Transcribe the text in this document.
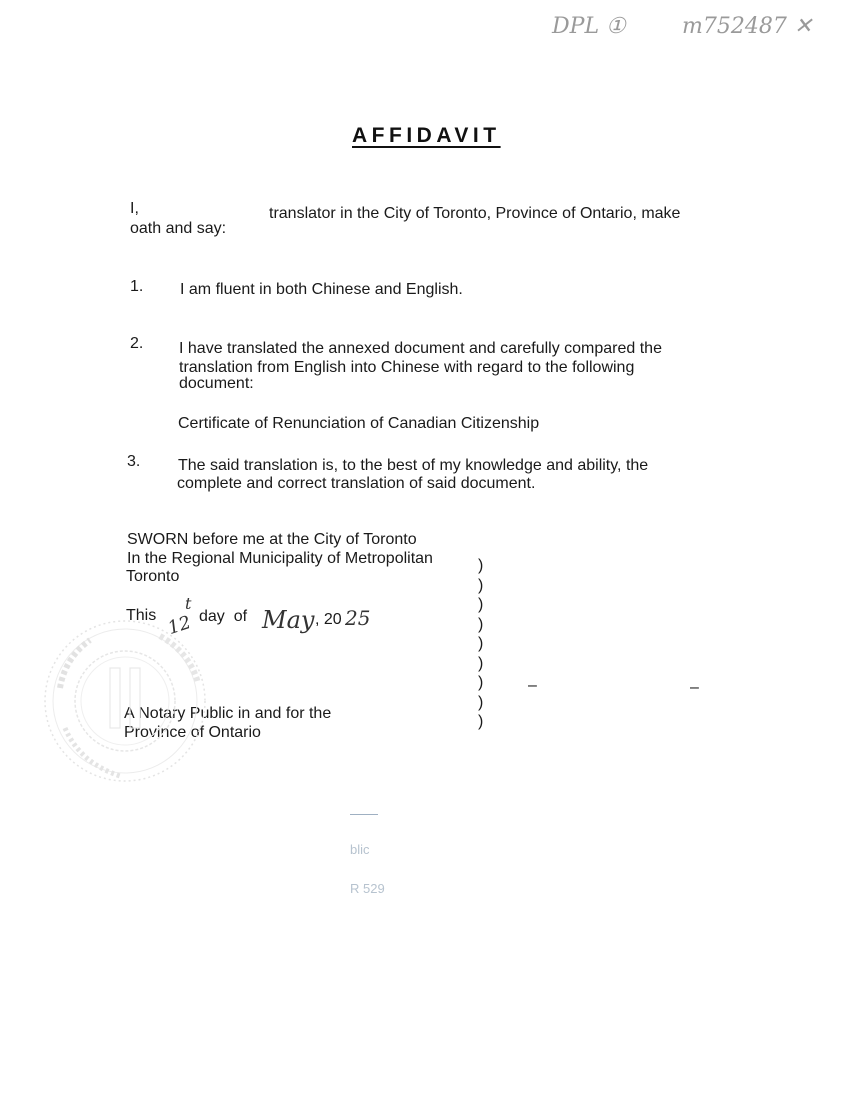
DPL ①	m752487 ✕
AFFIDAVIT
I,	translator in the City of Toronto, Province of Ontario, make
oath and say:
1. I am fluent in both Chinese and English.
2. I have translated the annexed document and carefully compared the
translation from English into Chinese with regard to the following
document:
Certificate of Renunciation of Canadian Citizenship
3. The said translation is, to the best of my knowledge and ability, the
complete and correct translation of said document.
SWORN before me at the City of Toronto
In the Regional Municipality of Metropolitan
Toronto
This 12
t
day  of May , 20 25
A Notary Public in and for the
Province of Ontario
)
)
)
)
)
)
)
)
)
–	–
blic
R 529
